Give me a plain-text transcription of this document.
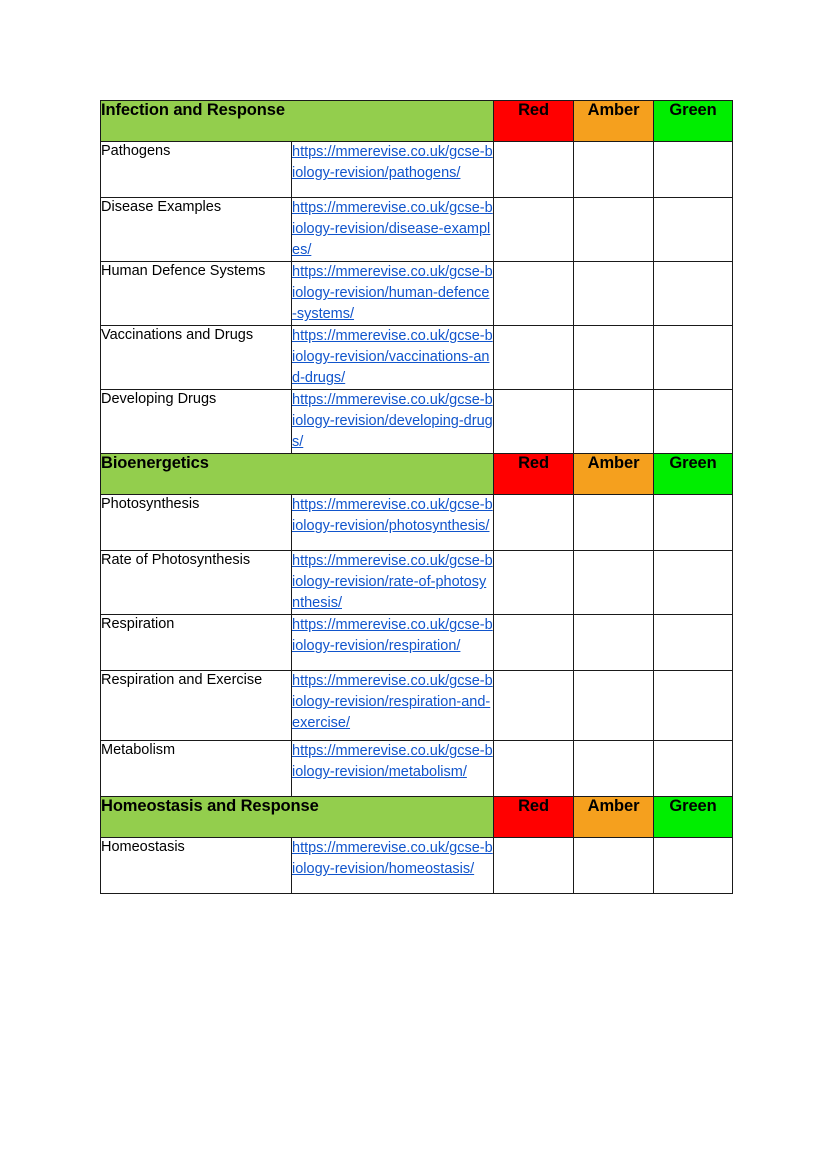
Infection and Response		Red	Amber	Green

Pathogens	https://mmerevise.co.uk/gcse-biology-revision/pathogens/			

Disease Examples	https://mmerevise.co.uk/gcse-biology-revision/disease-examples/			

Human Defence Systems	https://mmerevise.co.uk/gcse-biology-revision/human-defence-systems/			

Vaccinations and Drugs	https://mmerevise.co.uk/gcse-biology-revision/vaccinations-and-drugs/			

Developing Drugs	https://mmerevise.co.uk/gcse-biology-revision/developing-drugs/			

Bioenergetics		Red	Amber	Green

Photosynthesis	https://mmerevise.co.uk/gcse-biology-revision/photosynthesis/			

Rate of Photosynthesis	https://mmerevise.co.uk/gcse-biology-revision/rate-of-photosynthesis/			

Respiration	https://mmerevise.co.uk/gcse-biology-revision/respiration/			

Respiration and Exercise	https://mmerevise.co.uk/gcse-biology-revision/respiration-and-exercise/			

Metabolism	https://mmerevise.co.uk/gcse-biology-revision/metabolism/			

Homeostasis and Response		Red	Amber	Green

Homeostasis	https://mmerevise.co.uk/gcse-biology-revision/homeostasis/			
